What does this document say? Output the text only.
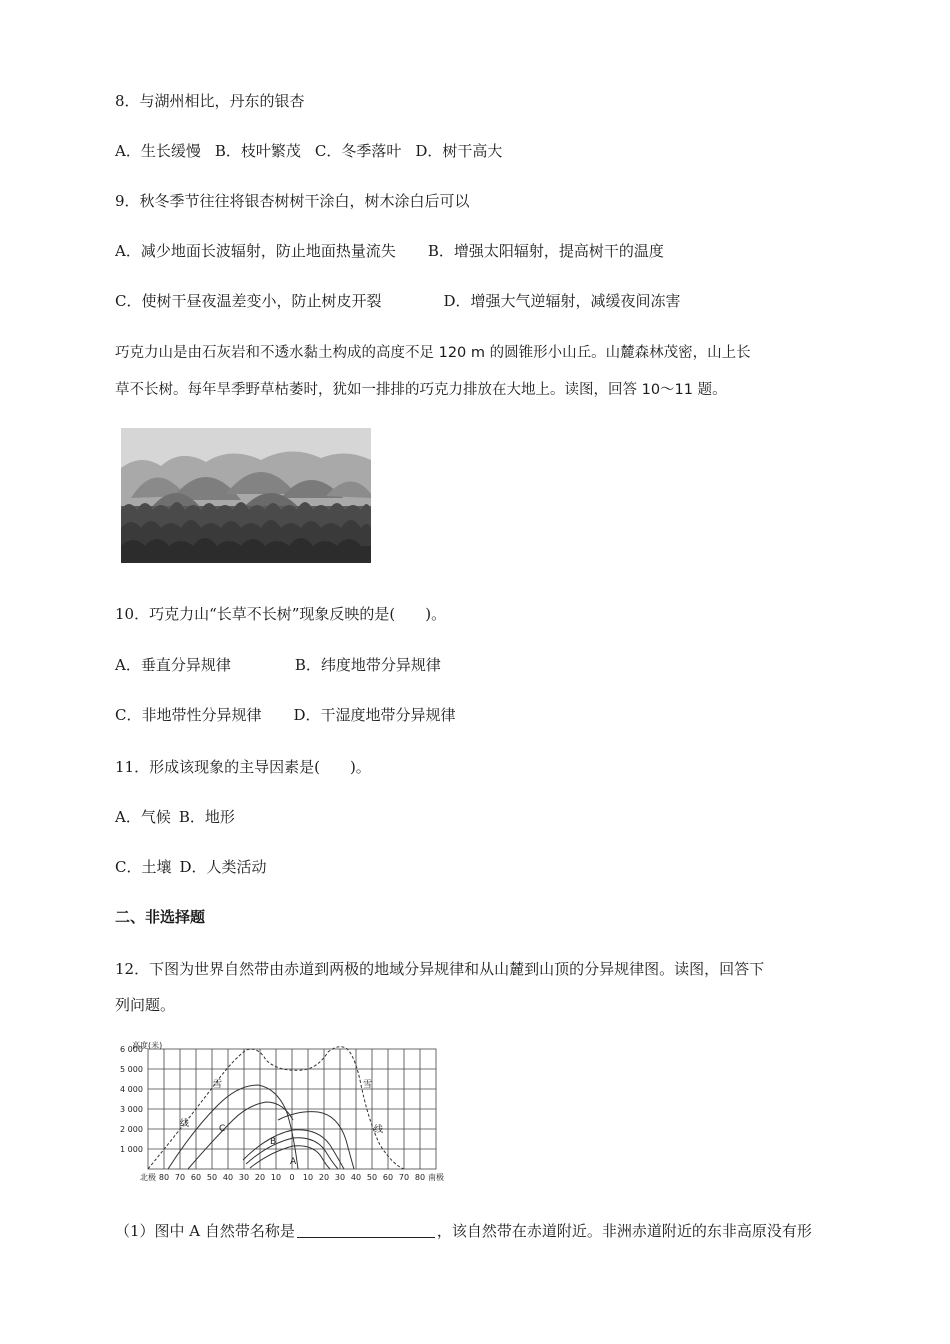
8．与湖州相比，丹东的银杏
A．生长缓慢 B．枝叶繁茂 C．冬季落叶 D．树干高大
9．秋冬季节往往将银杏树树干涂白，树木涂白后可以
A．减少地面长波辐射，防止地面热量流失 B．增强太阳辐射，提高树干的温度
C．使树干昼夜温差变小，防止树皮开裂	D．增强大气逆辐射，减缓夜间冻害
巧克力山是由石灰岩和不透水黏土构成的高度不足 120 m 的圆锥形小山丘。山麓森林茂密，山上长
草不长树。每年旱季野草枯萎时，犹如一排排的巧克力排放在大地上。读图，回答 10～11 题。
10．巧克力山“长草不长树”现象反映的是(　　)。
A．垂直分异规律	B．纬度地带分异规律
C．非地带性分异规律 D．干湿度地带分异规律
11．形成该现象的主导因素是(　　)。
A．气候 B．地形
C．土壤 D．人类活动
二、非选择题
12．下图为世界自然带由赤道到两极的地域分异规律和从山麓到山顶的分异规律图。读图，回答下
列问题。
6 000
5 000
4 000
3 000
2 000
1 000
北极 80 70 60 50 40 30 20 10 0 10 20 30 40 50 60 70 80 南极
高度(米)
雪	雪
线
线
C
B
A
（1）图中 A 自然带名称是	，该自然带在赤道附近。非洲赤道附近的东非高原没有形
